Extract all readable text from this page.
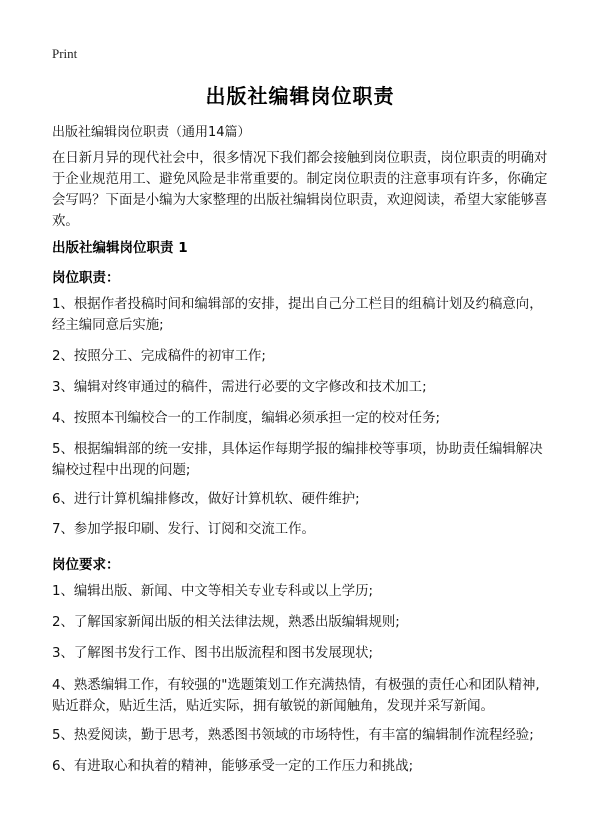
Print
出版社编辑岗位职责
出版社编辑岗位职责（通用14篇）
在日新月异的现代社会中，很多情况下我们都会接触到岗位职责，岗位职责的明确对于企业规范用工、避免风险是非常重要的。制定岗位职责的注意事项有许多，你确定会写吗？下面是小编为大家整理的出版社编辑岗位职责，欢迎阅读，希望大家能够喜欢。
出版社编辑岗位职责 1
岗位职责：
1、根据作者投稿时间和编辑部的安排，提出自己分工栏目的组稿计划及约稿意向，经主编同意后实施;
2、按照分工、完成稿件的初审工作;
3、编辑对终审通过的稿件，需进行必要的文字修改和技术加工;
4、按照本刊编校合一的工作制度，编辑必须承担一定的校对任务;
5、根据编辑部的统一安排，具体运作每期学报的编排校等事项，协助责任编辑解决编校过程中出现的问题;
6、进行计算机编排修改，做好计算机软、硬件维护;
7、参加学报印刷、发行、订阅和交流工作。
岗位要求：
1、编辑出版、新闻、中文等相关专业专科或以上学历;
2、了解国家新闻出版的相关法律法规，熟悉出版编辑规则;
3、了解图书发行工作、图书出版流程和图书发展现状;
4、熟悉编辑工作，有较强的"选题策划工作充满热情，有极强的责任心和团队精神,贴近群众，贴近生活，贴近实际，拥有敏锐的新闻触角，发现并采写新闻。
5、热爱阅读，勤于思考，熟悉图书领域的市场特性，有丰富的编辑制作流程经验;
6、有进取心和执着的精神，能够承受一定的工作压力和挑战;
